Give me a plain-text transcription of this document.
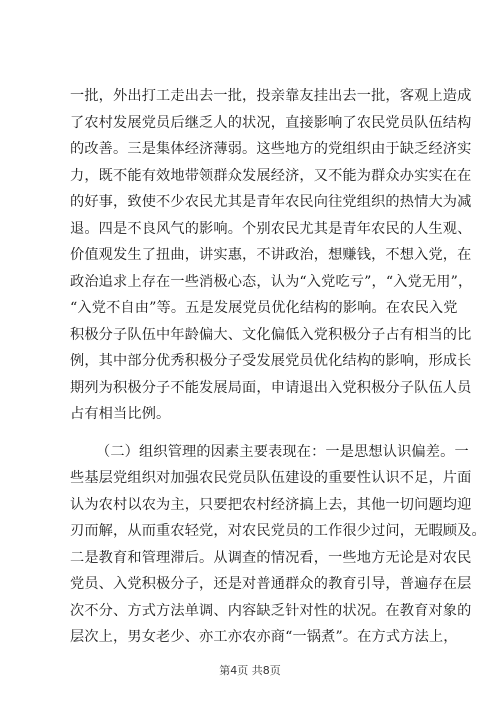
一批，外出打工走出去一批，投亲靠友挂出去一批，客观上造成
了农村发展党员后继乏人的状况，直接影响了农民党员队伍结构
的改善。三是集体经济薄弱。这些地方的党组织由于缺乏经济实
力，既不能有效地带领群众发展经济，又不能为群众办实实在在
的好事，致使不少农民尤其是青年农民向往党组织的热情大为减
退。四是不良风气的影响。个别农民尤其是青年农民的人生观、
价值观发生了扭曲，讲实惠，不讲政治，想赚钱，不想入党，在
政治追求上存在一些消极心态，认为“入党吃亏”，“入党无用”，
“入党不自由”等。五是发展党员优化结构的影响。在农民入党
积极分子队伍中年龄偏大、文化偏低入党积极分子占有相当的比
例，其中部分优秀积极分子受发展党员优化结构的影响，形成长
期列为积极分子不能发展局面，申请退出入党积极分子队伍人员
占有相当比例。
（二）组织管理的因素主要表现在：一是思想认识偏差。一
些基层党组织对加强农民党员队伍建设的重要性认识不足，片面
认为农村以农为主，只要把农村经济搞上去，其他一切问题均迎
刃而解，从而重农轻党，对农民党员的工作很少过问，无暇顾及。
二是教育和管理滞后。从调查的情况看，一些地方无论是对农民
党员、入党积极分子，还是对普通群众的教育引导，普遍存在层
次不分、方式方法单调、内容缺乏针对性的状况。在教育对象的
层次上，男女老少、亦工亦农亦商“一锅煮”。在方式方法上，
第4页 共8页
